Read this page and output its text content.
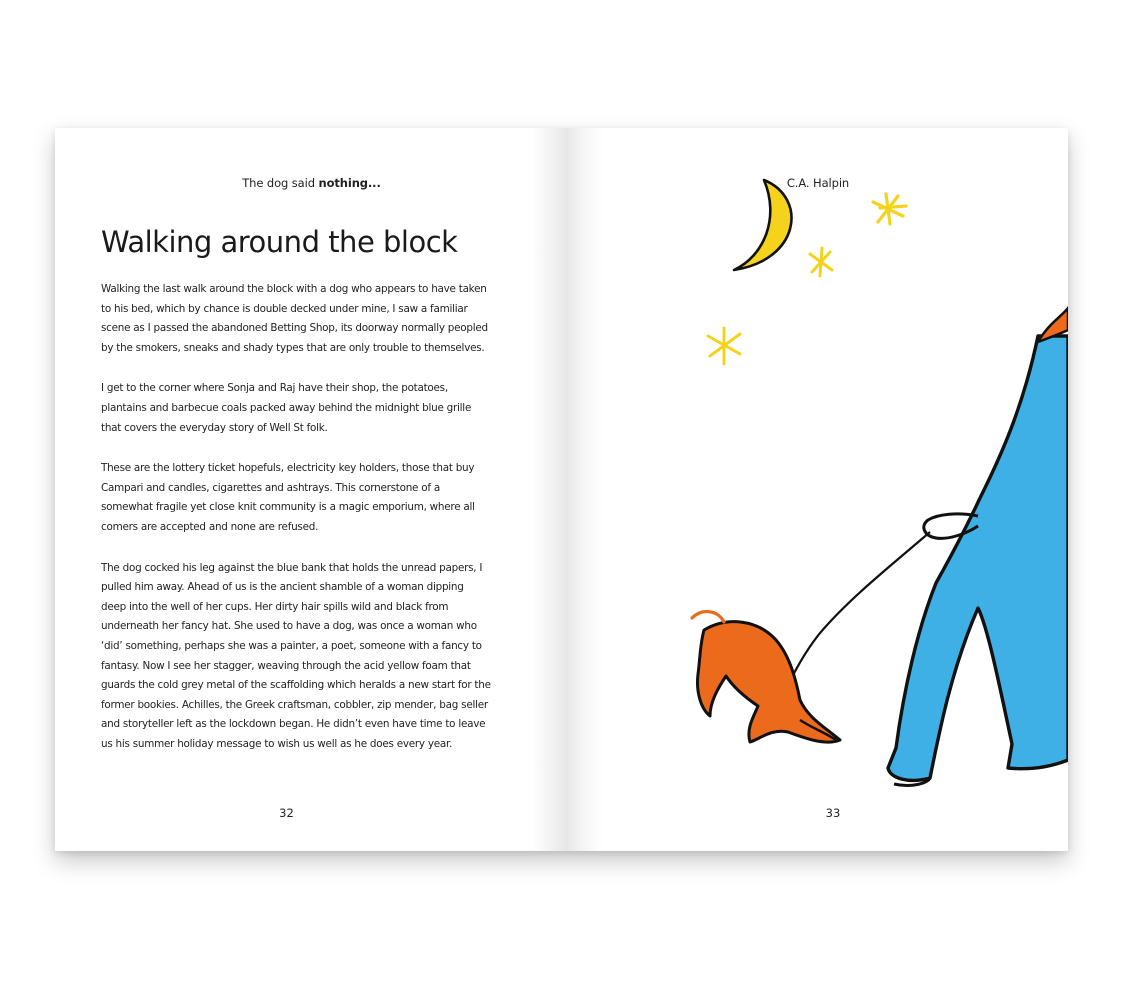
The dog said nothing...
Walking around the block

Walking the last walk around the block with a dog who appears to have taken to his bed, which by chance is double decked under mine, I saw a familiar scene as I passed the abandoned Betting Shop, its doorway normally peopled by the smokers, sneaks and shady types that are only trouble to themselves.

I get to the corner where Sonja and Raj have their shop, the potatoes, plantains and barbecue coals packed away behind the midnight blue grille that covers the everyday story of Well St folk.

These are the lottery ticket hopefuls, electricity key holders, those that buy Campari and candles, cigarettes and ashtrays. This cornerstone of a somewhat fragile yet close knit community is a magic emporium, where all comers are accepted and none are refused.

The dog cocked his leg against the blue bank that holds the unread papers, I pulled him away. Ahead of us is the ancient shamble of a woman dipping deep into the well of her cups. Her dirty hair spills wild and black from underneath her fancy hat. She used to have a dog, was once a woman who ‘did’ something, perhaps she was a painter, a poet, someone with a fancy to fantasy. Now I see her stagger, weaving through the acid yellow foam that guards the cold grey metal of the scaffolding which heralds a new start for the former bookies. Achilles, the Greek craftsman, cobbler, zip mender, bag seller and storyteller left as the lockdown began. He didn’t even have time to leave us his summer holiday message to wish us well as he does every year.

32
C.A. Halpin
33
